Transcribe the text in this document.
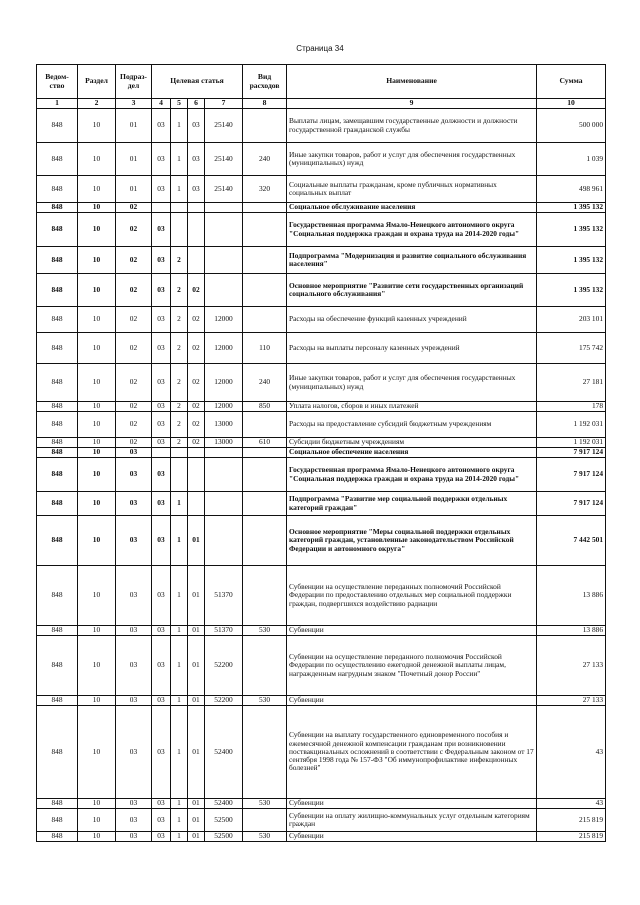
Страница 34
Ведом-ство	Раздел	Подраз-дел	Целевая статья				Вид расходов	Наименование	Сумма
1	2	3	4	5	6	7	8	9	10
848	10	01	03	1	03	25140		Выплаты лицам, замещавшим государственные должности и должности государственной гражданской службы	500 000
848	10	01	03	1	03	25140	240	Иные закупки товаров, работ и услуг для обеспечения государственных (муниципальных) нужд	1 039
848	10	01	03	1	03	25140	320	Социальные выплаты гражданам, кроме публичных нормативных социальных выплат	498 961
848	10	02						Социальное обслуживание населения	1 395 132
848	10	02	03					Государственная программа Ямало-Ненецкого автономного округа "Социальная поддержка граждан и охрана труда на 2014-2020 годы"	1 395 132
848	10	02	03	2				Подпрограмма "Модернизация и развитие социального обслуживания населения"	1 395 132
848	10	02	03	2	02			Основное мероприятие "Развитие сети государственных организаций социального обслуживания"	1 395 132
848	10	02	03	2	02	12000		Расходы на обеспечение функций казенных учреждений	203 101
848	10	02	03	2	02	12000	110	Расходы на выплаты персоналу казенных учреждений	175 742
848	10	02	03	2	02	12000	240	Иные закупки товаров, работ и услуг для обеспечения государственных (муниципальных) нужд	27 181
848	10	02	03	2	02	12000	850	Уплата налогов, сборов и иных платежей	178
848	10	02	03	2	02	13000		Расходы на предоставление субсидий бюджетным учреждениям	1 192 031
848	10	02	03	2	02	13000	610	Субсидии бюджетным учреждениям	1 192 031
848	10	03						Социальное обеспечение населения	7 917 124
848	10	03	03					Государственная программа Ямало-Ненецкого автономного округа "Социальная поддержка граждан и охрана труда на 2014-2020 годы"	7 917 124
848	10	03	03	1				Подпрограмма "Развитие мер социальной поддержки отдельных категорий граждан"	7 917 124
848	10	03	03	1	01			Основное мероприятие "Меры социальной поддержки отдельных категорий граждан, установленные законодательством Российской Федерации и автономного округа"	7 442 501
848	10	03	03	1	01	51370		Субвенции на осуществление переданных полномочий Российской Федерации по предоставлению отдельных мер социальной поддержки граждан, подвергшихся воздействию радиации	13 886
848	10	03	03	1	01	51370	530	Субвенции	13 886
848	10	03	03	1	01	52200		Субвенции на осуществление переданного полномочия Российской Федерации по осуществлению ежегодной денежной выплаты лицам, награжденным нагрудным знаком "Почетный донор России"	27 133
848	10	03	03	1	01	52200	530	Субвенции	27 133
848	10	03	03	1	01	52400		Субвенции на выплату государственного единовременного пособия и ежемесячной денежной компенсации гражданам при возникновении поствакцинальных осложнений в соответствии с Федеральным законом от 17 сентября 1998 года № 157-ФЗ "Об иммунопрофилактике инфекционных болезней"	43
848	10	03	03	1	01	52400	530	Субвенции	43
848	10	03	03	1	01	52500		Субвенции на оплату жилищно-коммунальных услуг отдельным категориям граждан	215 819
848	10	03	03	1	01	52500	530	Субвенции	215 819
